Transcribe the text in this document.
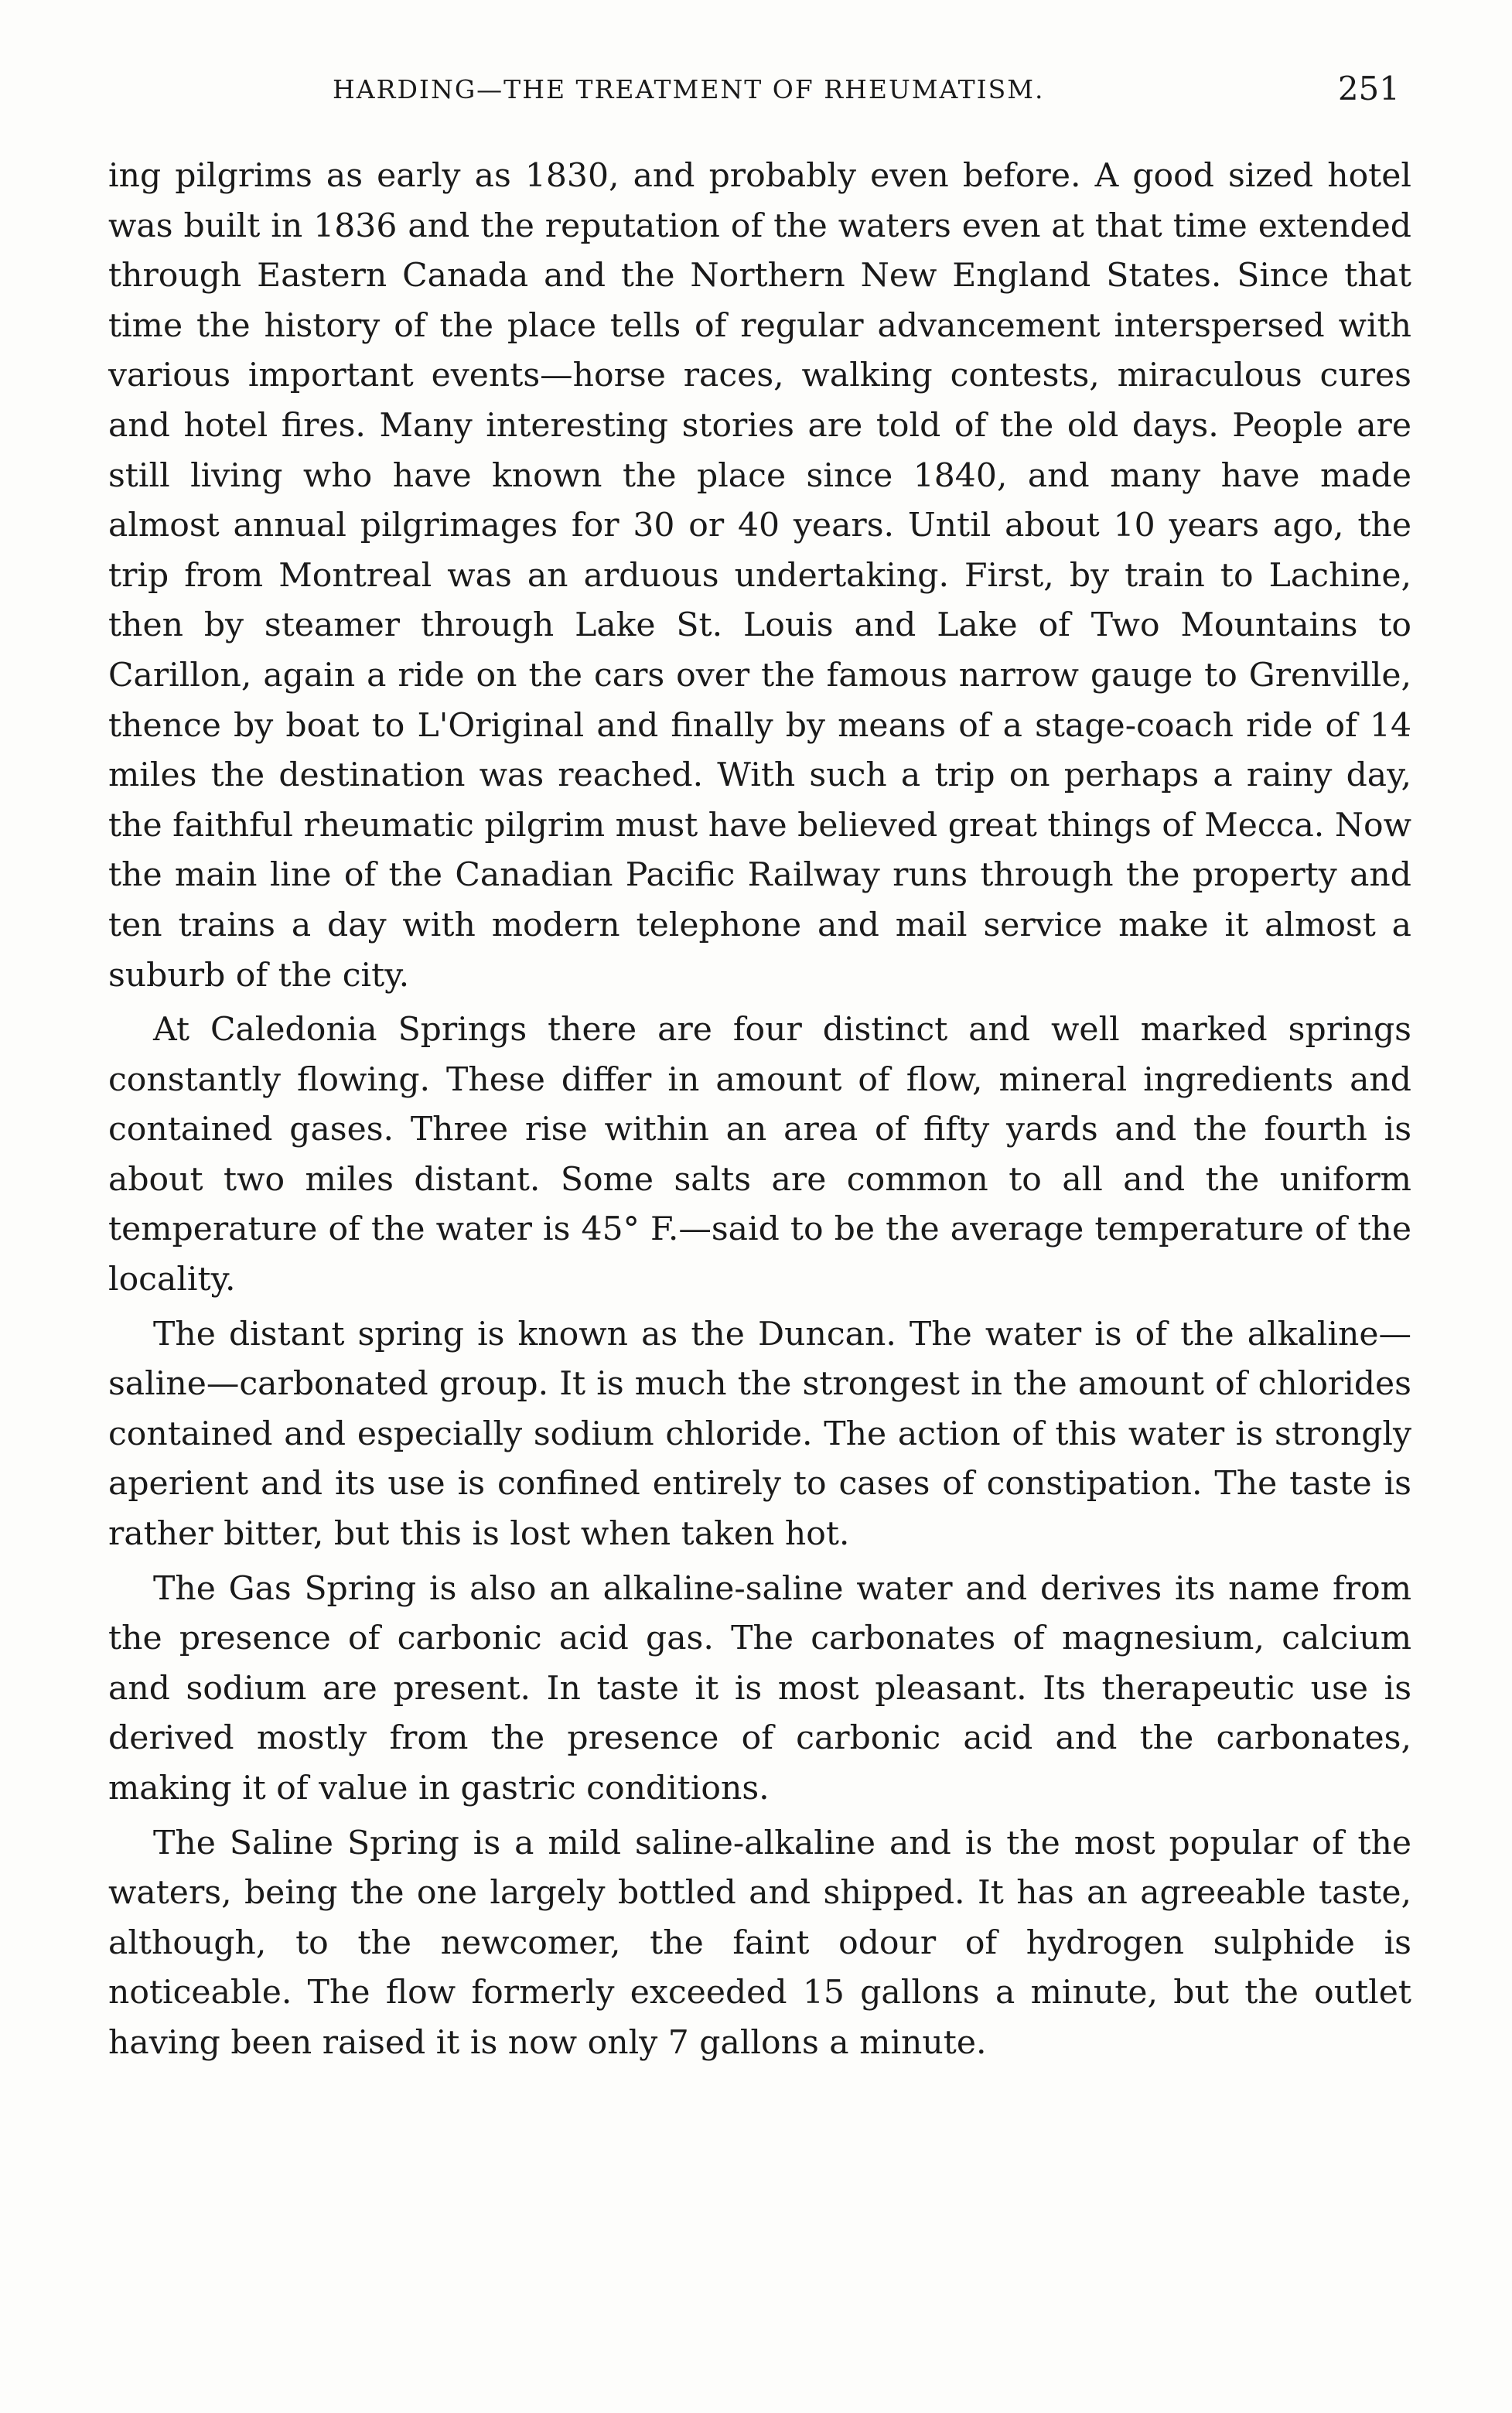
HARDING—THE TREATMENT OF RHEUMATISM.	251

ing pilgrims as early as 1830, and probably even before. A good sized hotel was built in 1836 and the reputation of the waters even at that time extended through Eastern Canada and the Northern New England States. Since that time the history of the place tells of regular advancement interspersed with various important events—horse races, walking contests, miraculous cures and hotel fires. Many interesting stories are told of the old days. People are still living who have known the place since 1840, and many have made almost annual pilgrimages for 30 or 40 years. Until about 10 years ago, the trip from Montreal was an arduous undertaking. First, by train to Lachine, then by steamer through Lake St. Louis and Lake of Two Mountains to Carillon, again a ride on the cars over the famous narrow gauge to Grenville, thence by boat to L'Original and finally by means of a stage-coach ride of 14 miles the destination was reached. With such a trip on perhaps a rainy day, the faithful rheumatic pilgrim must have believed great things of Mecca. Now the main line of the Canadian Pacific Railway runs through the property and ten trains a day with modern telephone and mail service make it almost a suburb of the city.

At Caledonia Springs there are four distinct and well marked springs constantly flowing. These differ in amount of flow, mineral ingredients and contained gases. Three rise within an area of fifty yards and the fourth is about two miles distant. Some salts are common to all and the uniform temperature of the water is 45° F.—said to be the average temperature of the locality.

The distant spring is known as the Duncan. The water is of the alkaline—saline—carbonated group. It is much the strongest in the amount of chlorides contained and especially sodium chloride. The action of this water is strongly aperient and its use is confined entirely to cases of constipation. The taste is rather bitter, but this is lost when taken hot.

The Gas Spring is also an alkaline-saline water and derives its name from the presence of carbonic acid gas. The carbonates of magnesium, calcium and sodium are present. In taste it is most pleasant. Its therapeutic use is derived mostly from the presence of carbonic acid and the carbonates, making it of value in gastric conditions.

The Saline Spring is a mild saline-alkaline and is the most popular of the waters, being the one largely bottled and shipped. It has an agreeable taste, although, to the newcomer, the faint odour of hydrogen sulphide is noticeable. The flow formerly exceeded 15 gallons a minute, but the outlet having been raised it is now only 7 gallons a minute.
